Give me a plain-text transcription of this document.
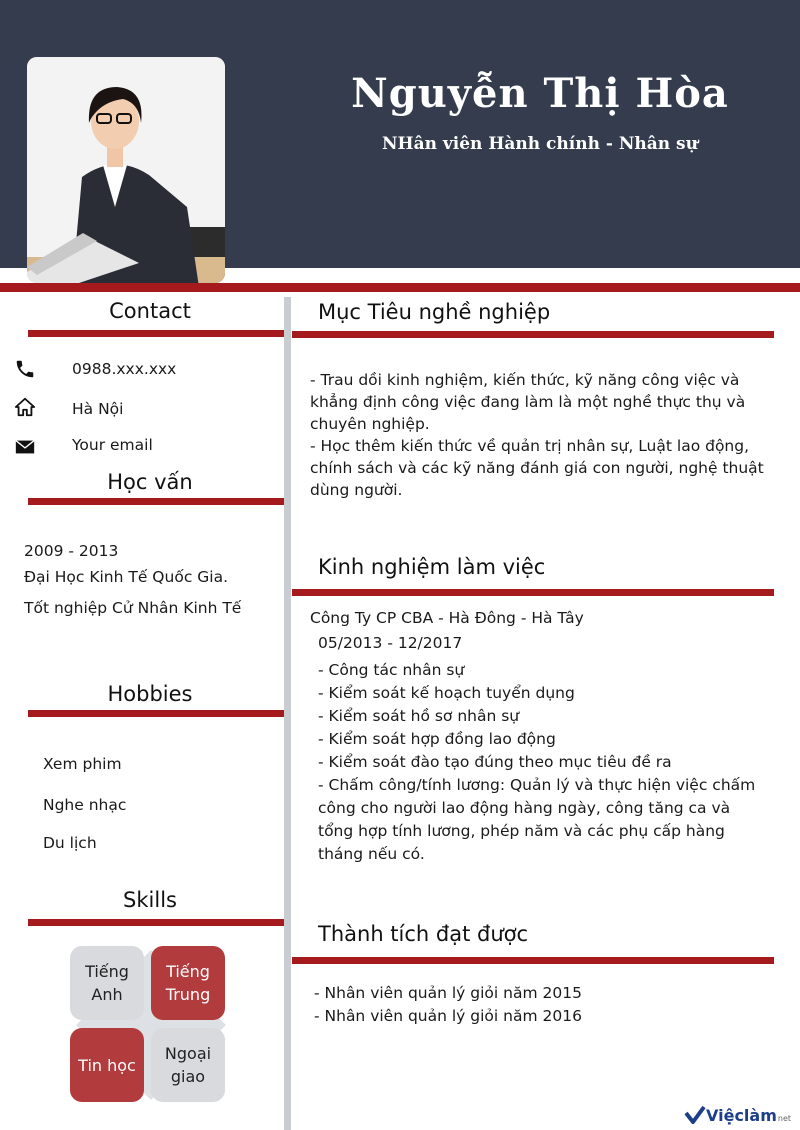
Nguyễn Thị Hòa
NHân viên Hành chính - Nhân sự
Contact
0988.xxx.xxx
Hà Nội
Your email
Học vấn
2009 - 2013
Đại Học Kinh Tế Quốc Gia.
Tốt nghiệp Cử Nhân Kinh Tế
Hobbies
Xem phim
Nghe nhạc
Du lịch
Skills
Tiếng
Anh
Tiếng
Trung
Tin học
Ngoại
giao
Mục Tiêu nghề nghiệp
- Trau dồi kinh nghiệm, kiến thức, kỹ năng công việc và
khẳng định công việc đang làm là một nghề thực thụ và
chuyên nghiệp.
- Học thêm kiến thức về quản trị nhân sự, Luật lao động,
chính sách và các kỹ năng đánh giá con người, nghệ thuật
dùng người.
Kinh nghiệm làm việc
Công Ty CP CBA - Hà Đông - Hà Tây
05/2013 - 12/2017
- Công tác nhân sự
- Kiểm soát kế hoạch tuyển dụng
- Kiểm soát hồ sơ nhân sự
- Kiểm soát hợp đồng lao động
- Kiểm soát đào tạo đúng theo mục tiêu đề ra
- Chấm công/tính lương: Quản lý và thực hiện việc chấm
công cho người lao động hàng ngày, công tăng ca và
tổng hợp tính lương, phép năm và các phụ cấp hàng
tháng nếu có.
Thành tích đạt được
- Nhân viên quản lý giỏi năm 2015
- Nhân viên quản lý giỏi năm 2016
Việclàm net
